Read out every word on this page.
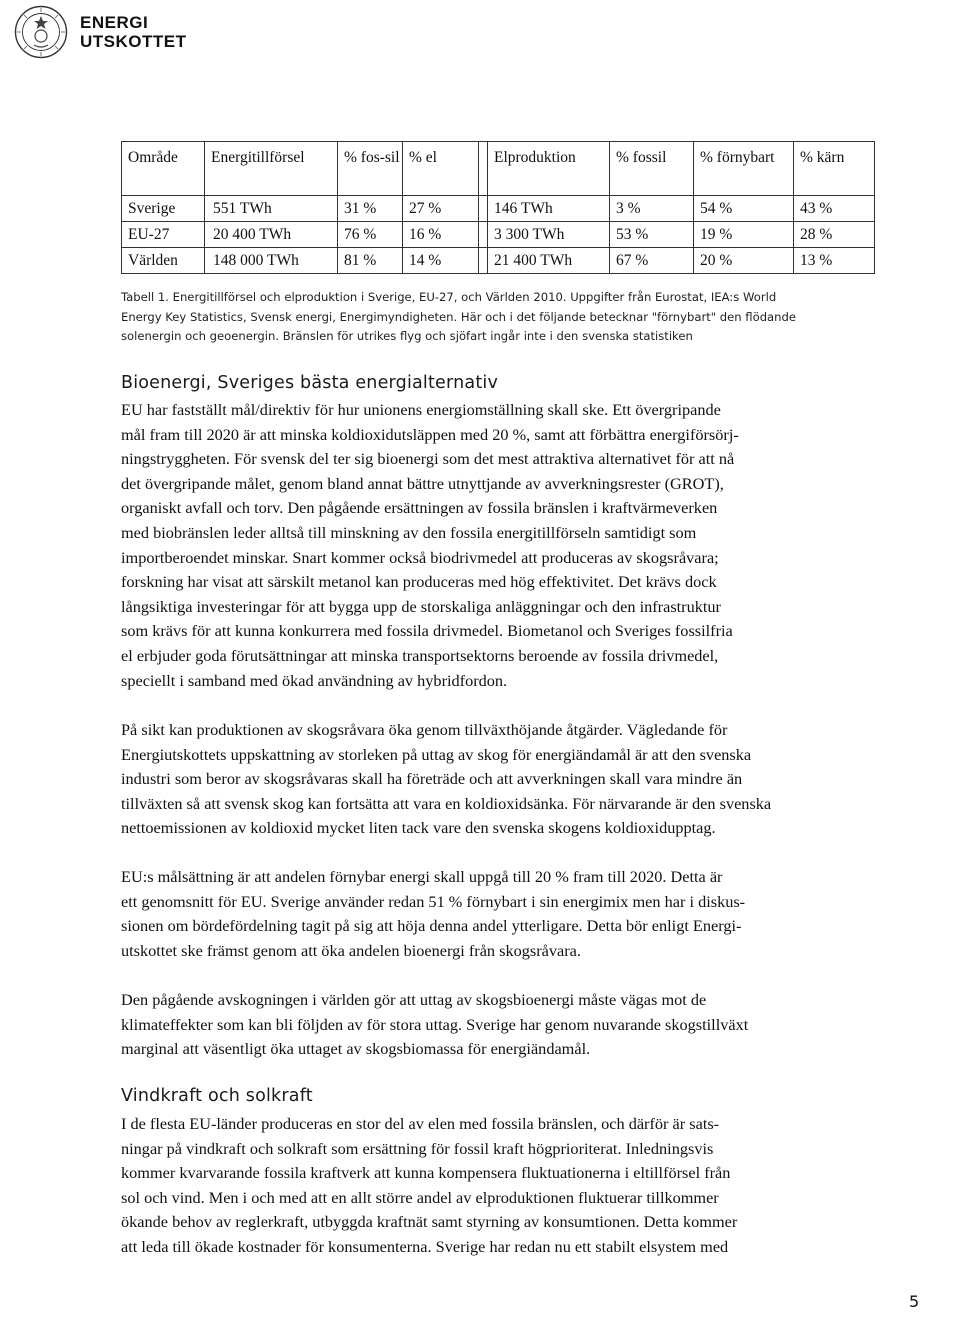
ENERGI
UTSKOTTET
Område	Energitillförsel	% fos-sil	% el		Elproduktion	% fossil	% förnybart	% kärn
Sverige	551 TWh	31 %	27 %		146 TWh	3 %	54 %	43 %
EU-27	20 400 TWh	76 %	16 %		3 300 TWh	53 %	19 %	28 %
Världen	148 000 TWh	81 %	14 %		21 400 TWh	67 %	20 %	13 %

Tabell 1. Energitillförsel och elproduktion i Sverige, EU-27, och Världen 2010. Uppgifter från Eurostat, IEA:s World

Energy Key Statistics, Svensk energi, Energimyndigheten. Här och i det följande betecknar "förnybart" den flödande

solenergin och geoenergin. Bränslen för utrikes flyg och sjöfart ingår inte i den svenska statistiken

Bioenergi, Sveriges bästa energialternativ

EU har fastställt mål/direktiv för hur unionens energiomställning skall ske. Ett övergripande

mål fram till 2020 är att minska koldioxidutsläppen med 20 %, samt att förbättra energiförsörj-

ningstryggheten. För svensk del ter sig bioenergi som det mest attraktiva alternativet för att nå

det övergripande målet, genom bland annat bättre utnyttjande av avverkningsrester (GROT),

organiskt avfall och torv. Den pågående ersättningen av fossila bränslen i kraftvärmeverken

med biobränslen leder alltså till minskning av den fossila energitillförseln samtidigt som

importberoendet minskar. Snart kommer också biodrivmedel att produceras av skogsråvara;

forskning har visat att särskilt metanol kan produceras med hög effektivitet. Det krävs dock

långsiktiga investeringar för att bygga upp de storskaliga anläggningar och den infrastruktur

som krävs för att kunna konkurrera med fossila drivmedel. Biometanol och Sveriges fossilfria

el erbjuder goda förutsättningar att minska transportsektorns beroende av fossila drivmedel,

speciellt i samband med ökad användning av hybridfordon.

På sikt kan produktionen av skogsråvara öka genom tillväxthöjande åtgärder. Vägledande för

Energiutskottets uppskattning av storleken på uttag av skog för energiändamål är att den svenska

industri som beror av skogsråvaras skall ha företräde och att avverkningen skall vara mindre än

tillväxten så att svensk skog kan fortsätta att vara en koldioxidsänka. För närvarande är den svenska

nettoemissionen av koldioxid mycket liten tack vare den svenska skogens koldioxidupptag.

EU:s målsättning är att andelen förnybar energi skall uppgå till 20 % fram till 2020. Detta är

ett genomsnitt för EU. Sverige använder redan 51 % förnybart i sin energimix men har i diskus-

sionen om bördefördelning tagit på sig att höja denna andel ytterligare. Detta bör enligt Energi-

utskottet ske främst genom att öka andelen bioenergi från skogsråvara.

Den pågående avskogningen i världen gör att uttag av skogsbioenergi måste vägas mot de

klimateffekter som kan bli följden av för stora uttag. Sverige har genom nuvarande skogstillväxt

marginal att väsentligt öka uttaget av skogsbiomassa för energiändamål.

Vindkraft och solkraft

I de flesta EU-länder produceras en stor del av elen med fossila bränslen, och därför är sats-

ningar på vindkraft och solkraft som ersättning för fossil kraft högprioriterat. Inledningsvis

kommer kvarvarande fossila kraftverk att kunna kompensera fluktuationerna i eltillförsel från

sol och vind. Men i och med att en allt större andel av elproduktionen fluktuerar tillkommer

ökande behov av reglerkraft, utbyggda kraftnät samt styrning av konsumtionen. Detta kommer

att leda till ökade kostnader för konsumenterna. Sverige har redan nu ett stabilt elsystem med

5
